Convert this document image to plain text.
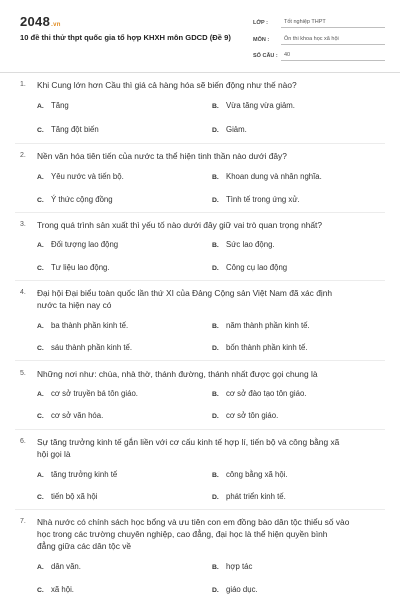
2048.vn
10 đề thi thử thpt quốc gia tổ hợp KHXH môn GDCD (Đề 9)
LỚP :	Tốt nghiệp THPT
MÔN :	Ôn thi khoa học xã hội
SỐ CÂU :	40
1. Khi Cung lớn hơn Cầu thì giá cả hàng hóa sẽ biến động như thế nào?
A. Tăng	B. Vừa tăng vừa giảm.
C. Tăng đột biến	D. Giảm.
2. Nền văn hóa tiên tiến của nước ta thể hiện tinh thần nào dưới đây?
A. Yêu nước và tiến bộ.	B. Khoan dung và nhân nghĩa.
C. Ý thức cộng đồng	D. Tình tế trong ứng xử.
3. Trong quá trình sản xuất thì yếu tố nào dưới đây giữ vai trò quan trọng nhất?
A. Đối tượng lao động	B. Sức lao động.
C. Tư liệu lao động.	D. Công cụ lao động
4. Đại hội Đại biểu toàn quốc lần thứ XI của Đảng Cộng sản Việt Nam đã xác định
nước ta hiện nay có
A. ba thành phần kinh tế.	B. năm thành phần kinh tế.
C. sáu thành phần kinh tế.	D. bốn thành phần kinh tế.
5. Những nơi như: chùa, nhà thờ, thánh đường, thánh nhất được gọi chung là
A. cơ sở truyền bá tôn giáo.	B. cơ sở đào tạo tôn giáo.
C. cơ sở văn hóa.	D. cơ sở tôn giáo.
6. Sự tăng trưởng kinh tế gắn liền với cơ cấu kinh tế hợp lí, tiến bộ và công bằng xã
hội gọi là
A. tăng trưởng kinh tế	B. công bằng xã hội.
C. tiến bộ xã hội	D. phát triển kinh tế.
7. Nhà nước có chính sách học bổng và ưu tiên con em đồng bào dân tộc thiểu số vào
học trong các trường chuyên nghiệp, cao đẳng, đại học là thể hiện quyền bình
đẳng giữa các dân tộc về
A. dân văn.	B. hợp tác
C. xã hội.	D. giáo dục.
